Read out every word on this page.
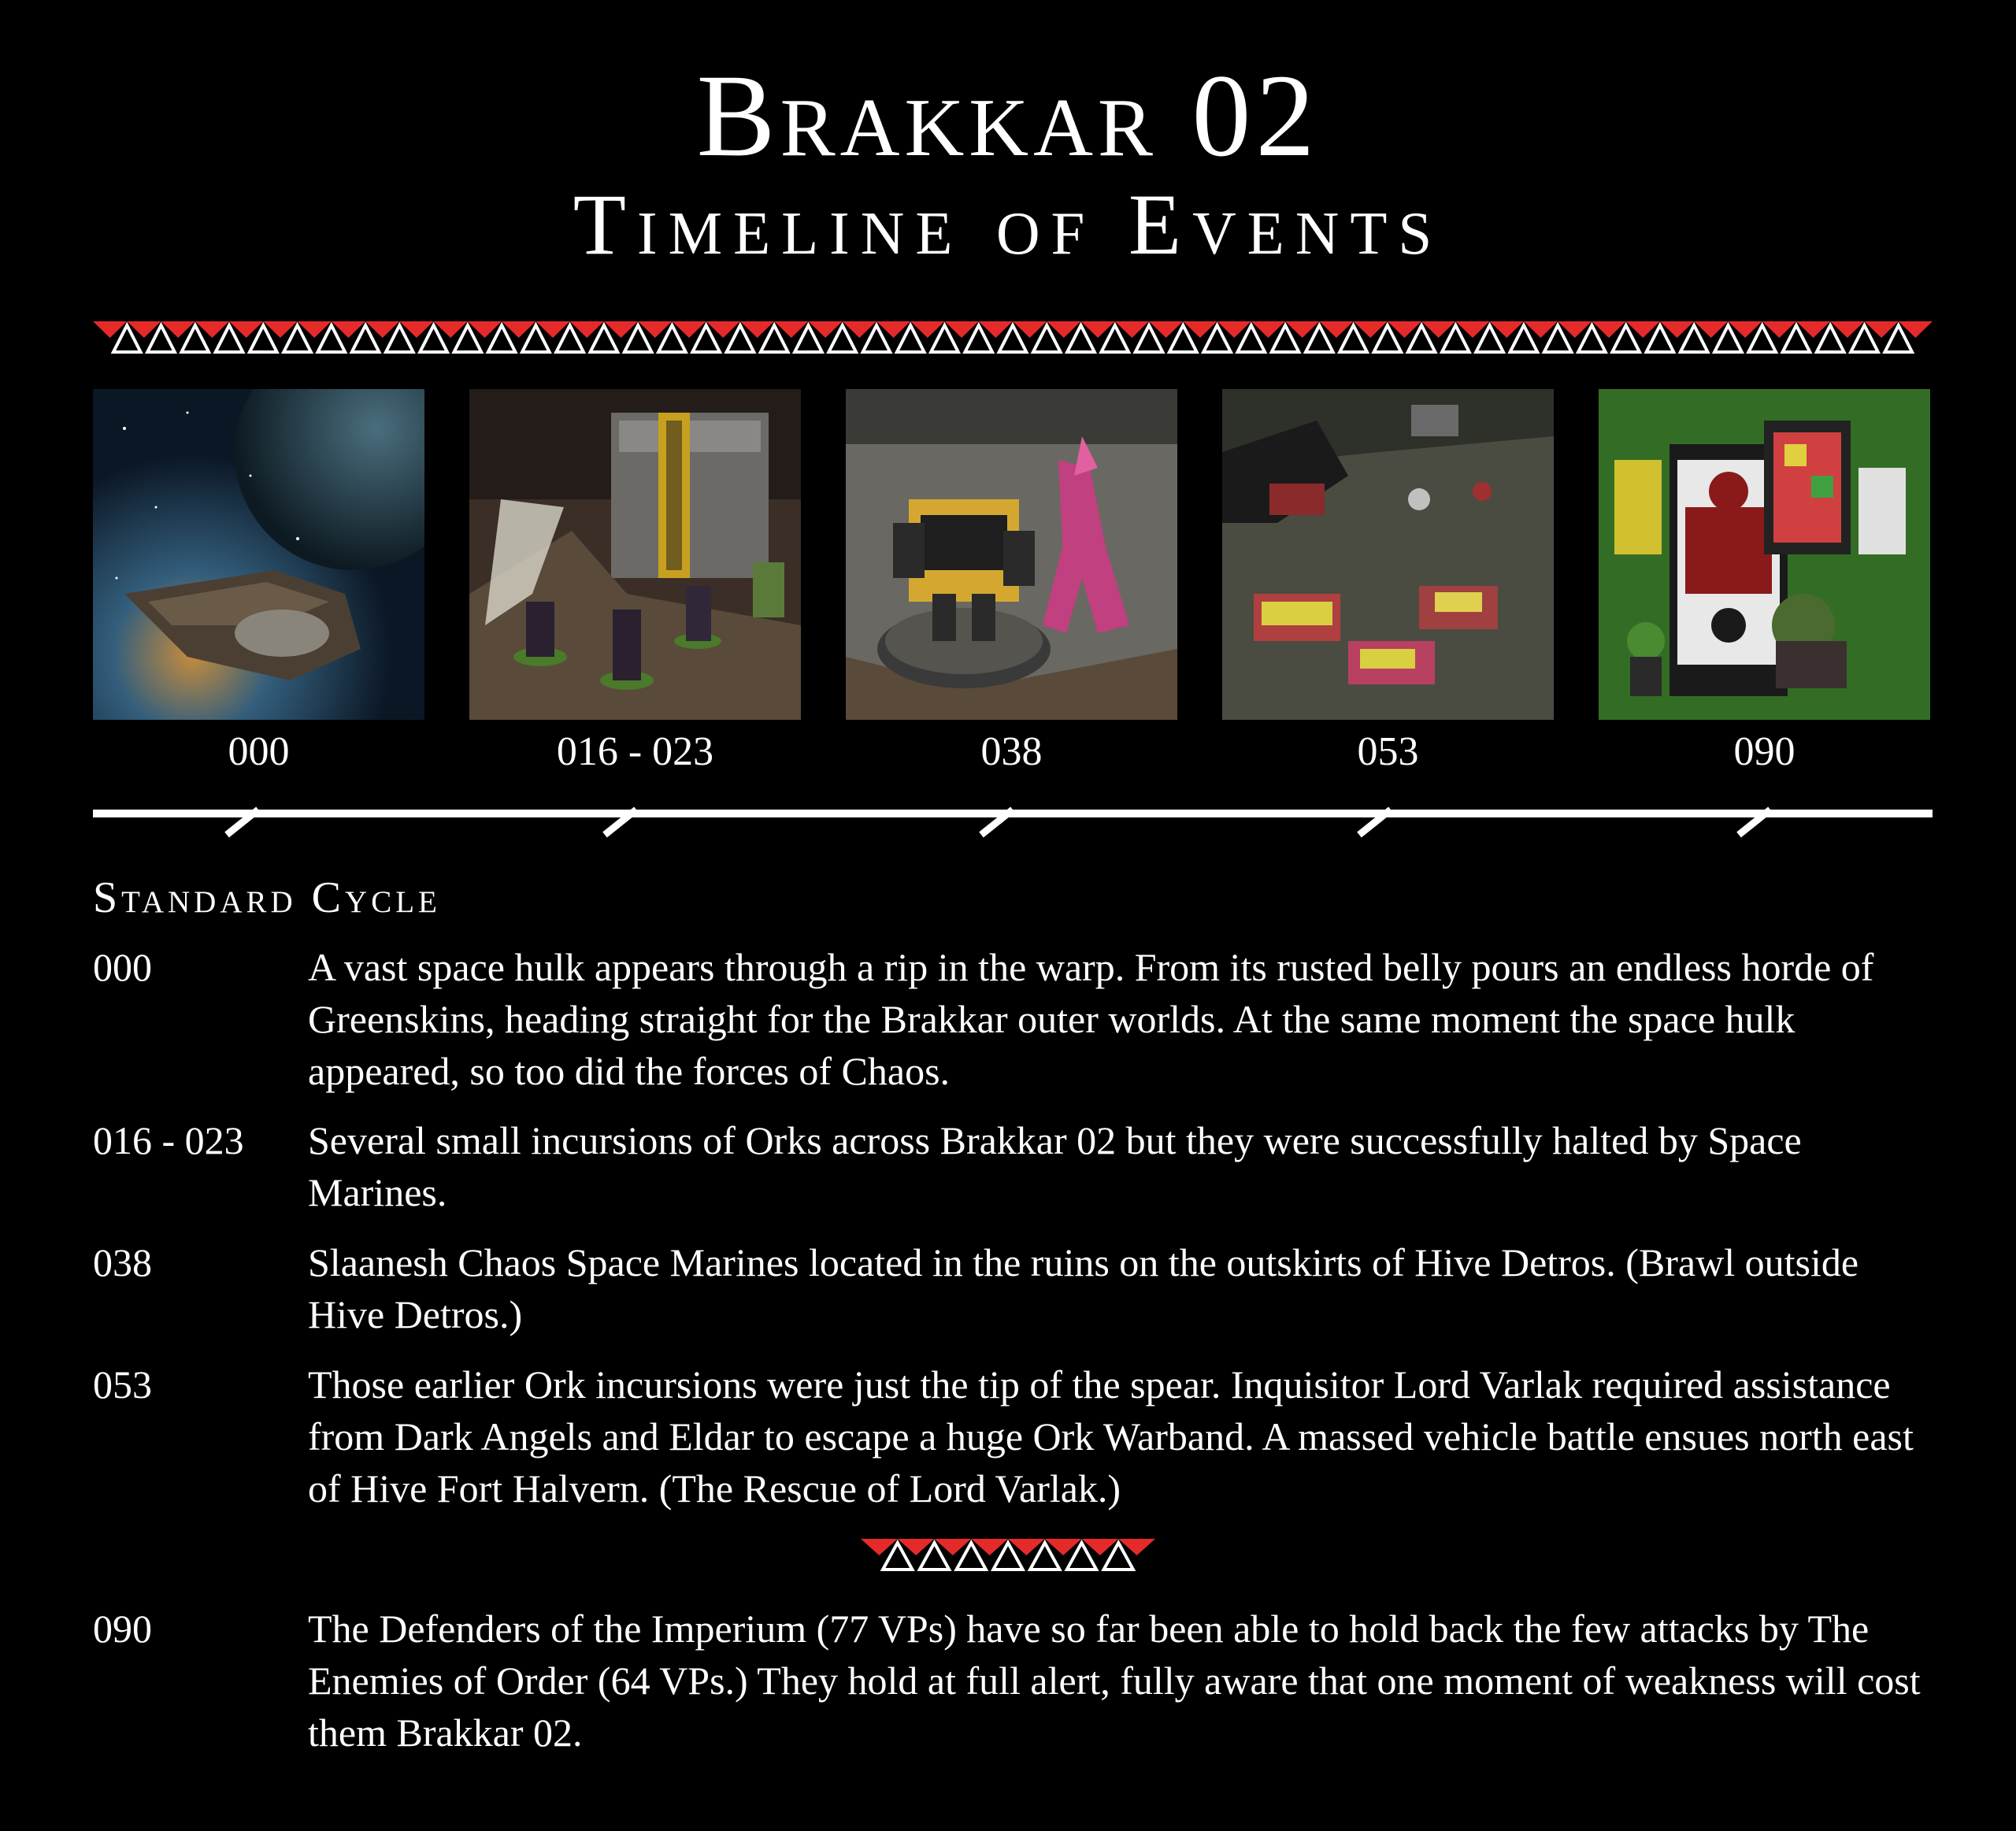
Brakkar 02
Timeline of Events
000	016 - 023	038	053	090
Standard Cycle
000	A vast space hulk appears through a rip in the warp. From its rusted belly pours an endless horde of Greenskins, heading straight for the Brakkar outer worlds. At the same moment the space hulk appeared, so too did the forces of Chaos.
016 - 023	Several small incursions of Orks across Brakkar 02 but they were successfully halted by Space Marines.
038	Slaanesh Chaos Space Marines located in the ruins on the outskirts of Hive Detros. (Brawl outside Hive Detros.)
053	Those earlier Ork incursions were just the tip of the spear. Inquisitor Lord Varlak required assistance from Dark Angels and Eldar to escape a huge Ork Warband. A massed vehicle battle ensues north east of Hive Fort Halvern. (The Rescue of Lord Varlak.)
090	The Defenders of the Imperium (77 VPs) have so far been able to hold back the few attacks by The Enemies of Order (64 VPs.) They hold at full alert, fully aware that one moment of weakness will cost them Brakkar 02.
